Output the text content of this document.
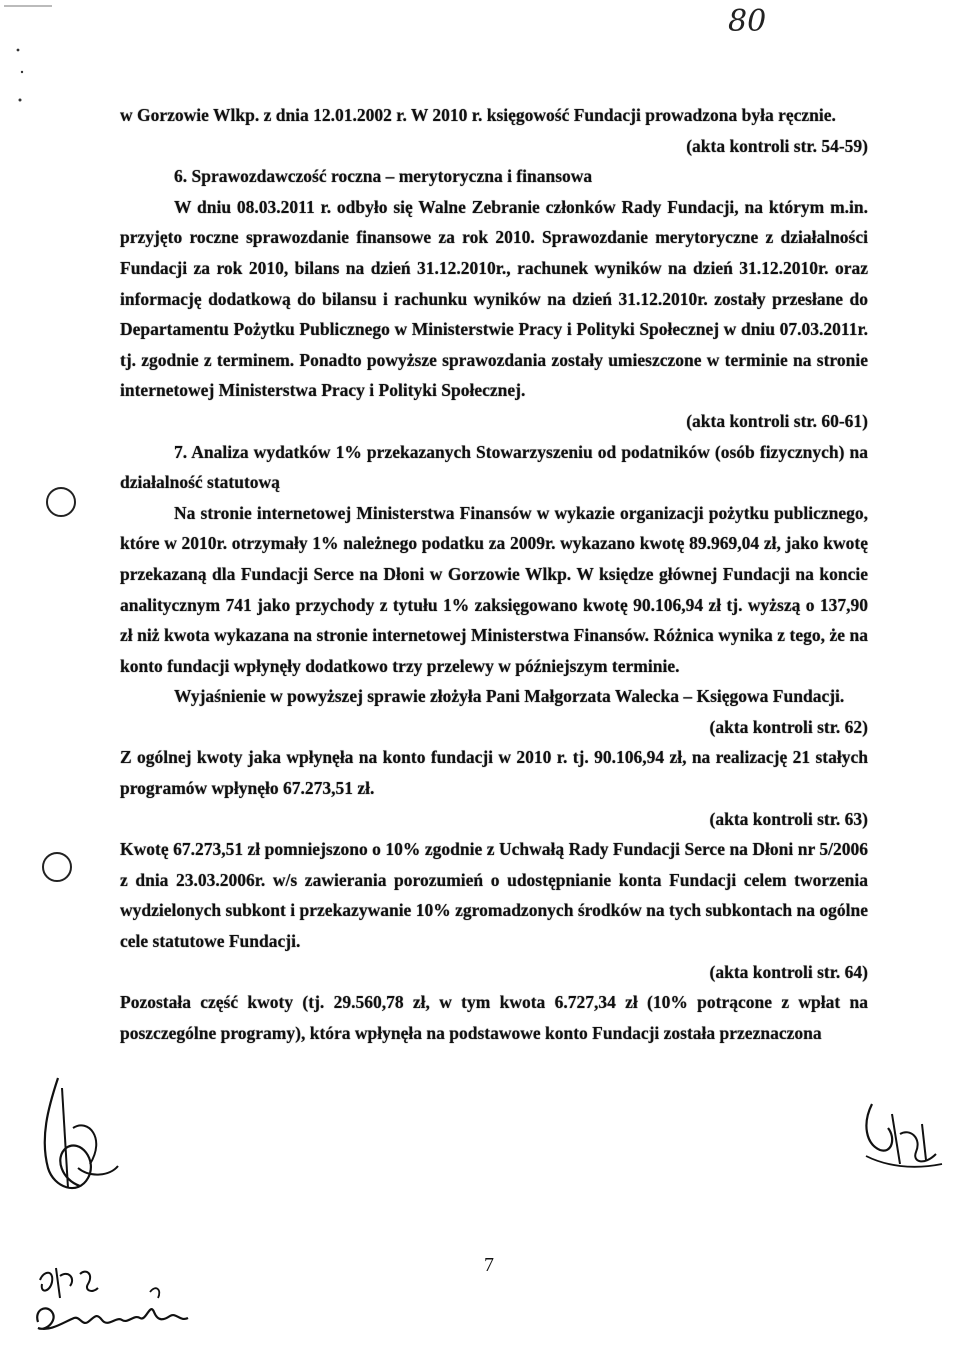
80

w Gorzowie Wlkp. z dnia 12.01.2002 r. W 2010 r. księgowość Fundacji prowadzona była ręcznie.

(akta kontroli str. 54-59)

6. Sprawozdawczość roczna – merytoryczna i finansowa

W dniu 08.03.2011 r. odbyło się Walne Zebranie członków Rady Fundacji, na którym m.in. przyjęto roczne sprawozdanie finansowe za rok 2010. Sprawozdanie merytoryczne z działalności Fundacji za rok 2010, bilans na dzień 31.12.2010r., rachunek wyników na dzień 31.12.2010r. oraz informację dodatkową do bilansu i rachunku wyników na dzień 31.12.2010r. zostały przesłane do Departamentu Pożytku Publicznego w Ministerstwie Pracy i Polityki Społecznej w dniu 07.03.2011r. tj. zgodnie z terminem. Ponadto powyższe sprawozdania zostały umieszczone w terminie na stronie internetowej Ministerstwa Pracy i Polityki Społecznej.

(akta kontroli str. 60-61)

7. Analiza wydatków 1% przekazanych Stowarzyszeniu od podatników (osób fizycznych) na działalność statutową

Na stronie internetowej Ministerstwa Finansów w wykazie organizacji pożytku publicznego, które w 2010r. otrzymały 1% należnego podatku za 2009r. wykazano kwotę 89.969,04 zł, jako kwotę przekazaną dla Fundacji Serce na Dłoni w Gorzowie Wlkp. W księdze głównej Fundacji na koncie analitycznym 741 jako przychody z tytułu 1% zaksięgowano kwotę 90.106,94 zł tj. wyższą o 137,90 zł niż kwota wykazana na stronie internetowej Ministerstwa Finansów. Różnica wynika z tego, że na konto fundacji wpłynęły dodatkowo trzy przelewy w późniejszym terminie.

Wyjaśnienie w powyższej sprawie złożyła Pani Małgorzata Walecka – Księgowa Fundacji.

(akta kontroli str. 62)

Z ogólnej kwoty jaka wpłynęła na konto fundacji w 2010 r. tj. 90.106,94 zł, na realizację 21 stałych programów wpłynęło 67.273,51 zł.

(akta kontroli str. 63)

Kwotę 67.273,51 zł pomniejszono o 10% zgodnie z Uchwałą Rady Fundacji Serce na Dłoni nr 5/2006 z dnia 23.03.2006r. w/s zawierania porozumień o udostępnianie konta Fundacji celem tworzenia wydzielonych subkont i przekazywanie 10% zgromadzonych środków na tych subkontach na ogólne cele statutowe Fundacji.

(akta kontroli str. 64)

Pozostała część kwoty (tj. 29.560,78 zł, w tym kwota 6.727,34 zł (10% potrącone z wpłat na poszczególne programy), która wpłynęła na podstawowe konto Fundacji została przeznaczona

7
